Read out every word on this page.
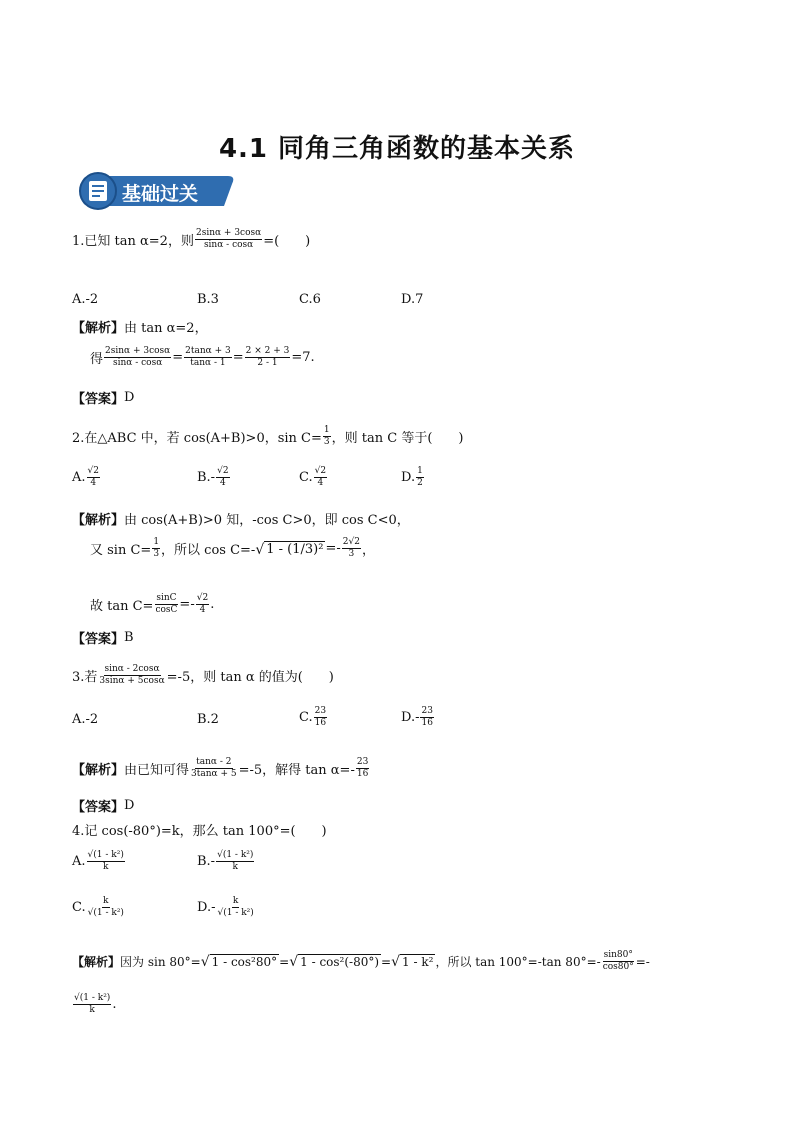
4.1 同角三角函数的基本关系
基础过关
1.已知 tan α=2，则 $\frac{2\sin\alpha + 3\cos\alpha}{\sin\alpha - \cos\alpha}$ =(　　)
A.-2	B.3	C.6	D.7
【解析】 由 tan α=2，
得 $\frac{2\sin\alpha + 3\cos\alpha}{\sin\alpha - \cos\alpha} = \frac{2\tan\alpha + 3}{\tan\alpha - 1} = \frac{2 \times 2 + 3}{2 - 1} =7$.
【答案】 D
2.在△ABC 中，若 cos(A+B)>0，$\sin C= \frac{1}{3}$ ，则 tan C 等于(　　)
A. $\frac{√2}{4}$	$B.- \frac{√2}{4}$	C. $\frac{√2}{4}$	D. $\frac{1}{2}$
【解析】 由 cos(A+B)>0 知，-cos C>0，即 cos C<0，
又 $\sin C= \frac{1}{3}$ ，所以 cos C=- √ $1 - (1/3)^2 =- \frac{2√2}{3}$ ，
故 $\tan C= \frac{\sin C}{\cos C} =- \frac{√2}{4}$ .
【答案】 B
3.若 $\frac{\sin\alpha - 2\cos\alpha}{3\sin\alpha + 5\cos\alpha} =-5$，则 tan α 的值为(　　)
A.-2	B.2	C. $\frac{23}{16}$	$D.- \frac{23}{16}$
【解析】 由已知可得 $\frac{\tan\alpha - 2}{3\tan\alpha + 5} =-5$，解得 $\tan \alpha=- \frac{23}{16}$
【答案】 D
4.记 cos(-80°)=k，那么 tan 100°=(　　)
A. $\frac{\text{√(1 - k²)}}{k}$	$B.- \frac{\text{√(1 - k²)}}{k}$
C. $\frac{k}{\text{√(1 - k²)}}$	$D.- \frac{k}{\text{√(1 - k²)}}$
【解析】 因为 sin 80°= √ 1 - cos²80° = √ 1 - cos²(-80°) = √ 1 - k² ，所以 tan 100°=-tan $80^\circ=- \frac{\sin 80^\circ}{\cos 80^\circ}$ =-
$\frac{\text{√(1 - k²)}}{k}$ .
